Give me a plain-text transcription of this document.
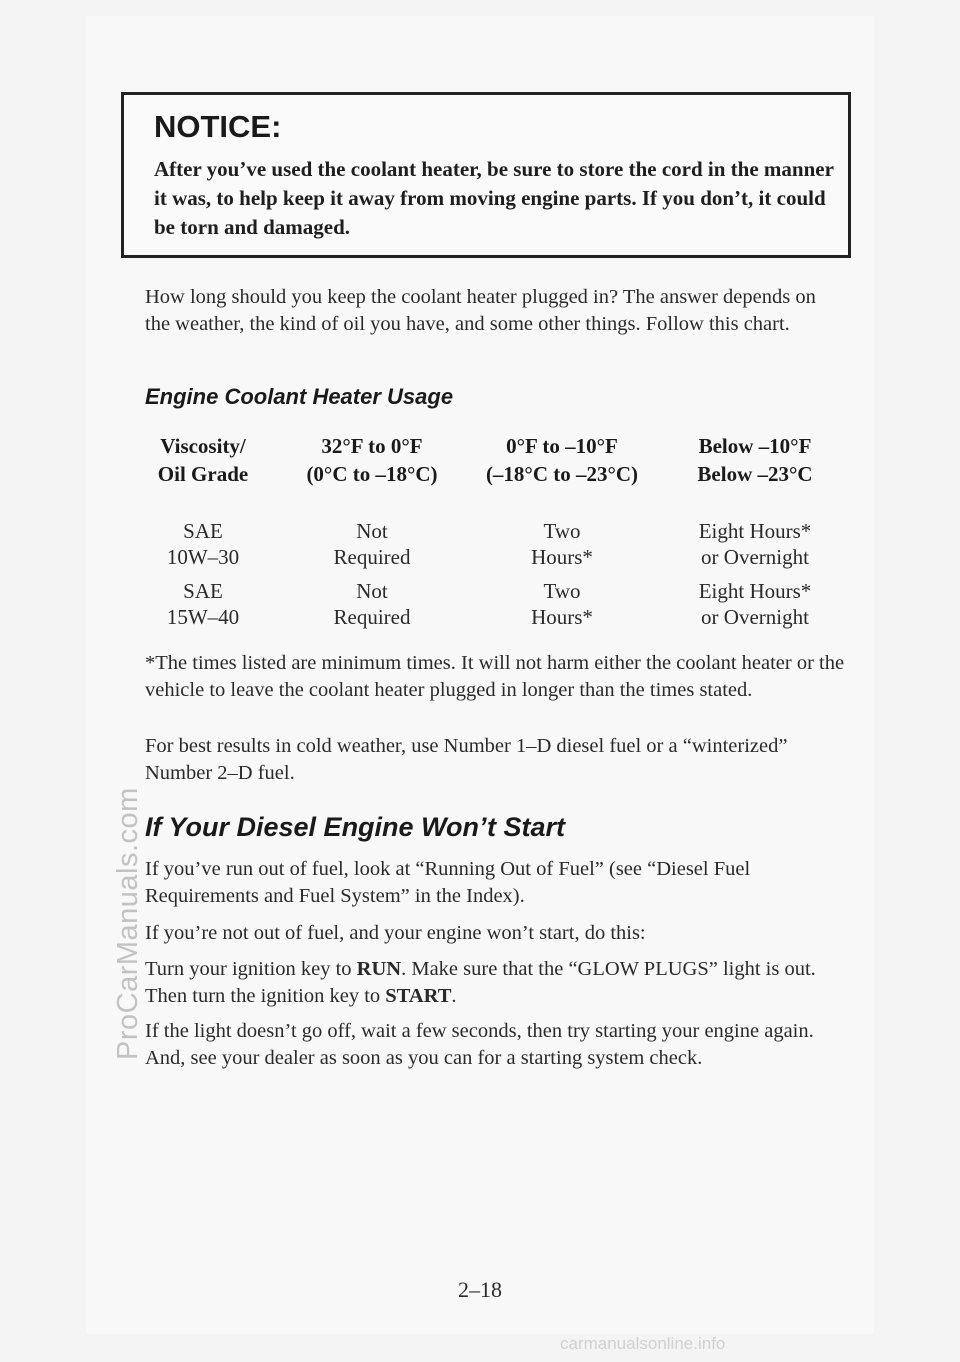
ProCarManuals.com
NOTICE:
After you’ve used the coolant heater, be sure to store the cord in the manner it was, to help keep it away from moving engine parts. If you don’t, it could be torn and damaged.

How long should you keep the coolant heater plugged in? The answer depends on the weather, the kind of oil you have, and some other things. Follow this chart.

Engine Coolant Heater Usage
Viscosity/
Oil Grade
32°F to 0°F
(0°C to –18°C)
0°F to –10°F
(–18°C to –23°C)
Below –10°F
Below –23°C
SAE
10W–30
Not
Required
Two
Hours*
Eight Hours*
or Overnight
SAE
15W–40
Not
Required
Two
Hours*
Eight Hours*
or Overnight

*The times listed are minimum times. It will not harm either the coolant heater or the vehicle to leave the coolant heater plugged in longer than the times stated.

For best results in cold weather, use Number 1–D diesel fuel or a “winterized” Number 2–D fuel.

If Your Diesel Engine Won’t Start

If you’ve run out of fuel, look at “Running Out of Fuel” (see “Diesel Fuel Requirements and Fuel System” in the Index).

If you’re not out of fuel, and your engine won’t start, do this:

Turn your ignition key to RUN. Make sure that the “GLOW PLUGS” light is out. Then turn the ignition key to START.

If the light doesn’t go off, wait a few seconds, then try starting your engine again. And, see your dealer as soon as you can for a starting system check.

2–18
carmanualsonline.info
